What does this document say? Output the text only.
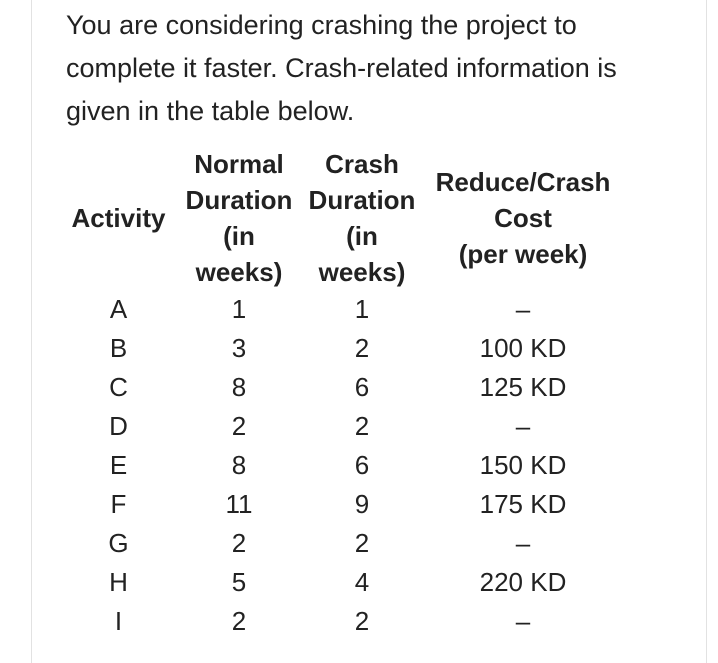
You are considering crashing the project to complete it faster. Crash-related information is given in the table below.

Activity	Normal
Duration
(in
weeks)	Crash
Duration
(in
weeks)	Reduce/Crash
Cost
(per week)

A	1	1	–
B	3	2	100 KD
C	8	6	125 KD
D	2	2	–
E	8	6	150 KD
F	11	9	175 KD
G	2	2	–
H	5	4	220 KD
I	2	2	–
